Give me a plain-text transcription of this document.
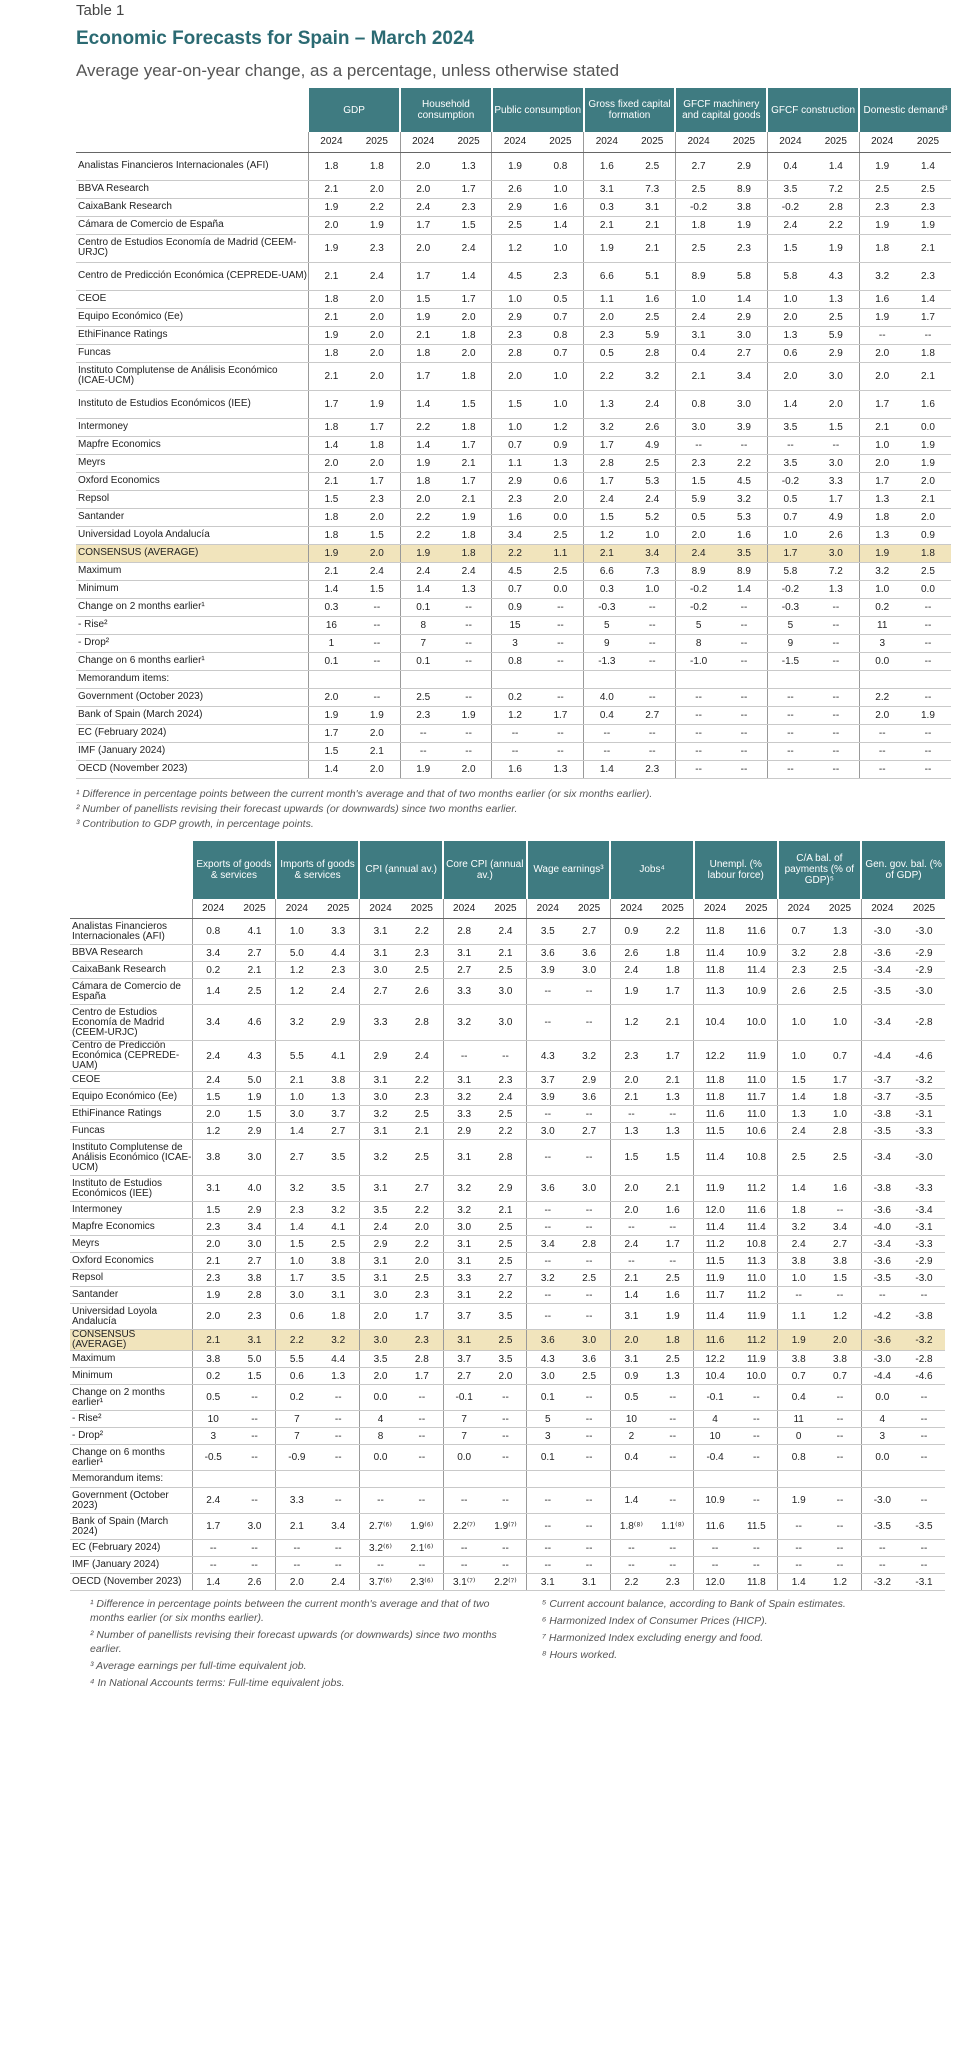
Table 1
Economic Forecasts for Spain – March 2024
Average year-on-year change, as a percentage, unless otherwise stated
	GDP		Household consumption		Public consumption		Gross fixed capital formation		GFCF machinery and capital goods		GFCF construction		Domestic demand³	
	2024	2025	2024	2025	2024	2025	2024	2025	2024	2025	2024	2025	2024	2025
Analistas Financieros Internacionales (AFI)	1.8	1.8	2.0	1.3	1.9	0.8	1.6	2.5	2.7	2.9	0.4	1.4	1.9	1.4
BBVA Research	2.1	2.0	2.0	1.7	2.6	1.0	3.1	7.3	2.5	8.9	3.5	7.2	2.5	2.5
CaixaBank Research	1.9	2.2	2.4	2.3	2.9	1.6	0.3	3.1	-0.2	3.8	-0.2	2.8	2.3	2.3
Cámara de Comercio de España	2.0	1.9	1.7	1.5	2.5	1.4	2.1	2.1	1.8	1.9	2.4	2.2	1.9	1.9
Centro de Estudios Economía de Madrid (CEEM-URJC)	1.9	2.3	2.0	2.4	1.2	1.0	1.9	2.1	2.5	2.3	1.5	1.9	1.8	2.1
Centro de Predicción Económica (CEPREDE-UAM)	2.1	2.4	1.7	1.4	4.5	2.3	6.6	5.1	8.9	5.8	5.8	4.3	3.2	2.3
CEOE	1.8	2.0	1.5	1.7	1.0	0.5	1.1	1.6	1.0	1.4	1.0	1.3	1.6	1.4
Equipo Económico (Ee)	2.1	2.0	1.9	2.0	2.9	0.7	2.0	2.5	2.4	2.9	2.0	2.5	1.9	1.7
EthiFinance Ratings	1.9	2.0	2.1	1.8	2.3	0.8	2.3	5.9	3.1	3.0	1.3	5.9	--	--
Funcas	1.8	2.0	1.8	2.0	2.8	0.7	0.5	2.8	0.4	2.7	0.6	2.9	2.0	1.8
Instituto Complutense de Análisis Económico (ICAE-UCM)	2.1	2.0	1.7	1.8	2.0	1.0	2.2	3.2	2.1	3.4	2.0	3.0	2.0	2.1
Instituto de Estudios Económicos (IEE)	1.7	1.9	1.4	1.5	1.5	1.0	1.3	2.4	0.8	3.0	1.4	2.0	1.7	1.6
Intermoney	1.8	1.7	2.2	1.8	1.0	1.2	3.2	2.6	3.0	3.9	3.5	1.5	2.1	0.0
Mapfre Economics	1.4	1.8	1.4	1.7	0.7	0.9	1.7	4.9	--	--	--	--	1.0	1.9
Meyrs	2.0	2.0	1.9	2.1	1.1	1.3	2.8	2.5	2.3	2.2	3.5	3.0	2.0	1.9
Oxford Economics	2.1	1.7	1.8	1.7	2.9	0.6	1.7	5.3	1.5	4.5	-0.2	3.3	1.7	2.0
Repsol	1.5	2.3	2.0	2.1	2.3	2.0	2.4	2.4	5.9	3.2	0.5	1.7	1.3	2.1
Santander	1.8	2.0	2.2	1.9	1.6	0.0	1.5	5.2	0.5	5.3	0.7	4.9	1.8	2.0
Universidad Loyola Andalucía	1.8	1.5	2.2	1.8	3.4	2.5	1.2	1.0	2.0	1.6	1.0	2.6	1.3	0.9
CONSENSUS (AVERAGE)	1.9	2.0	1.9	1.8	2.2	1.1	2.1	3.4	2.4	3.5	1.7	3.0	1.9	1.8
Maximum	2.1	2.4	2.4	2.4	4.5	2.5	6.6	7.3	8.9	8.9	5.8	7.2	3.2	2.5
Minimum	1.4	1.5	1.4	1.3	0.7	0.0	0.3	1.0	-0.2	1.4	-0.2	1.3	1.0	0.0
Change on 2 months earlier¹	0.3	--	0.1	--	0.9	--	-0.3	--	-0.2	--	-0.3	--	0.2	--
- Rise²	16	--	8	--	15	--	5	--	5	--	5	--	11	--
- Drop²	1	--	7	--	3	--	9	--	8	--	9	--	3	--
Change on 6 months earlier¹	0.1	--	0.1	--	0.8	--	-1.3	--	-1.0	--	-1.5	--	0.0	--
Memorandum items:														
Government (October 2023)	2.0	--	2.5	--	0.2	--	4.0	--	--	--	--	--	2.2	--
Bank of Spain (March 2024)	1.9	1.9	2.3	1.9	1.2	1.7	0.4	2.7	--	--	--	--	2.0	1.9
EC (February 2024)	1.7	2.0	--	--	--	--	--	--	--	--	--	--	--	--
IMF (January 2024)	1.5	2.1	--	--	--	--	--	--	--	--	--	--	--	--
OECD (November 2023)	1.4	2.0	1.9	2.0	1.6	1.3	1.4	2.3	--	--	--	--	--	--
¹ Difference in percentage points between the current month's average and that of two months earlier (or six months earlier).
² Number of panellists revising their forecast upwards (or downwards) since two months earlier.
³ Contribution to GDP growth, in percentage points.
	Exports of goods & services		Imports of goods & services		CPI (annual av.)		Core CPI (annual av.)		Wage earnings³		Jobs⁴		Unempl. (% labour force)		C/A bal. of payments (% of GDP)⁵		Gen. gov. bal. (% of GDP)	
	2024	2025	2024	2025	2024	2025	2024	2025	2024	2025	2024	2025	2024	2025	2024	2025	2024	2025
Analistas Financieros Internacionales (AFI)	0.8	4.1	1.0	3.3	3.1	2.2	2.8	2.4	3.5	2.7	0.9	2.2	11.8	11.6	0.7	1.3	-3.0	-3.0
BBVA Research	3.4	2.7	5.0	4.4	3.1	2.3	3.1	2.1	3.6	3.6	2.6	1.8	11.4	10.9	3.2	2.8	-3.6	-2.9
CaixaBank Research	0.2	2.1	1.2	2.3	3.0	2.5	2.7	2.5	3.9	3.0	2.4	1.8	11.8	11.4	2.3	2.5	-3.4	-2.9
Cámara de Comercio de España	1.4	2.5	1.2	2.4	2.7	2.6	3.3	3.0	--	--	1.9	1.7	11.3	10.9	2.6	2.5	-3.5	-3.0
Centro de Estudios Economía de Madrid (CEEM-URJC)	3.4	4.6	3.2	2.9	3.3	2.8	3.2	3.0	--	--	1.2	2.1	10.4	10.0	1.0	1.0	-3.4	-2.8
Centro de Predicción Económica (CEPREDE-UAM)	2.4	4.3	5.5	4.1	2.9	2.4	--	--	4.3	3.2	2.3	1.7	12.2	11.9	1.0	0.7	-4.4	-4.6
CEOE	2.4	5.0	2.1	3.8	3.1	2.2	3.1	2.3	3.7	2.9	2.0	2.1	11.8	11.0	1.5	1.7	-3.7	-3.2
Equipo Económico (Ee)	1.5	1.9	1.0	1.3	3.0	2.3	3.2	2.4	3.9	3.6	2.1	1.3	11.8	11.7	1.4	1.8	-3.7	-3.5
EthiFinance Ratings	2.0	1.5	3.0	3.7	3.2	2.5	3.3	2.5	--	--	--	--	11.6	11.0	1.3	1.0	-3.8	-3.1
Funcas	1.2	2.9	1.4	2.7	3.1	2.1	2.9	2.2	3.0	2.7	1.3	1.3	11.5	10.6	2.4	2.8	-3.5	-3.3
Instituto Complutense de Análisis Económico (ICAE-UCM)	3.8	3.0	2.7	3.5	3.2	2.5	3.1	2.8	--	--	1.5	1.5	11.4	10.8	2.5	2.5	-3.4	-3.0
Instituto de Estudios Económicos (IEE)	3.1	4.0	3.2	3.5	3.1	2.7	3.2	2.9	3.6	3.0	2.0	2.1	11.9	11.2	1.4	1.6	-3.8	-3.3
Intermoney	1.5	2.9	2.3	3.2	3.5	2.2	3.2	2.1	--	--	2.0	1.6	12.0	11.6	1.8	--	-3.6	-3.4
Mapfre Economics	2.3	3.4	1.4	4.1	2.4	2.0	3.0	2.5	--	--	--	--	11.4	11.4	3.2	3.4	-4.0	-3.1
Meyrs	2.0	3.0	1.5	2.5	2.9	2.2	3.1	2.5	3.4	2.8	2.4	1.7	11.2	10.8	2.4	2.7	-3.4	-3.3
Oxford Economics	2.1	2.7	1.0	3.8	3.1	2.0	3.1	2.5	--	--	--	--	11.5	11.3	3.8	3.8	-3.6	-2.9
Repsol	2.3	3.8	1.7	3.5	3.1	2.5	3.3	2.7	3.2	2.5	2.1	2.5	11.9	11.0	1.0	1.5	-3.5	-3.0
Santander	1.9	2.8	3.0	3.1	3.0	2.3	3.1	2.2	--	--	1.4	1.6	11.7	11.2	--	--	--	--
Universidad Loyola Andalucía	2.0	2.3	0.6	1.8	2.0	1.7	3.7	3.5	--	--	3.1	1.9	11.4	11.9	1.1	1.2	-4.2	-3.8
CONSENSUS (AVERAGE)	2.1	3.1	2.2	3.2	3.0	2.3	3.1	2.5	3.6	3.0	2.0	1.8	11.6	11.2	1.9	2.0	-3.6	-3.2
Maximum	3.8	5.0	5.5	4.4	3.5	2.8	3.7	3.5	4.3	3.6	3.1	2.5	12.2	11.9	3.8	3.8	-3.0	-2.8
Minimum	0.2	1.5	0.6	1.3	2.0	1.7	2.7	2.0	3.0	2.5	0.9	1.3	10.4	10.0	0.7	0.7	-4.4	-4.6
Change on 2 months earlier¹	0.5	--	0.2	--	0.0	--	-0.1	--	0.1	--	0.5	--	-0.1	--	0.4	--	0.0	--
- Rise²	10	--	7	--	4	--	7	--	5	--	10	--	4	--	11	--	4	--
- Drop²	3	--	7	--	8	--	7	--	3	--	2	--	10	--	0	--	3	--
Change on 6 months earlier¹	-0.5	--	-0.9	--	0.0	--	0.0	--	0.1	--	0.4	--	-0.4	--	0.8	--	0.0	--
Memorandum items:																		
Government (October 2023)	2.4	--	3.3	--	--	--	--	--	--	--	1.4	--	10.9	--	1.9	--	-3.0	--
Bank of Spain (March 2024)	1.7	3.0	2.1	3.4	2.7⁽⁶⁾	1.9⁽⁶⁾	2.2⁽⁷⁾	1.9⁽⁷⁾	--	--	1.8⁽⁸⁾	1.1⁽⁸⁾	11.6	11.5	--	--	-3.5	-3.5
EC (February 2024)	--	--	--	--	3.2⁽⁶⁾	2.1⁽⁶⁾	--	--	--	--	--	--	--	--	--	--	--	--
IMF (January 2024)	--	--	--	--	--	--	--	--	--	--	--	--	--	--	--	--	--	--
OECD (November 2023)	1.4	2.6	2.0	2.4	3.7⁽⁶⁾	2.3⁽⁶⁾	3.1⁽⁷⁾	2.2⁽⁷⁾	3.1	3.1	2.2	2.3	12.0	11.8	1.4	1.2	-3.2	-3.1
¹ Difference in percentage points between the current month's average and that of two months earlier (or six months earlier).
² Number of panellists revising their forecast upwards (or downwards) since two months earlier.
³ Average earnings per full-time equivalent job.
⁴ In National Accounts terms: Full-time equivalent jobs.
⁵ Current account balance, according to Bank of Spain estimates.
⁶ Harmonized Index of Consumer Prices (HICP).
⁷ Harmonized Index excluding energy and food.
⁸ Hours worked.
